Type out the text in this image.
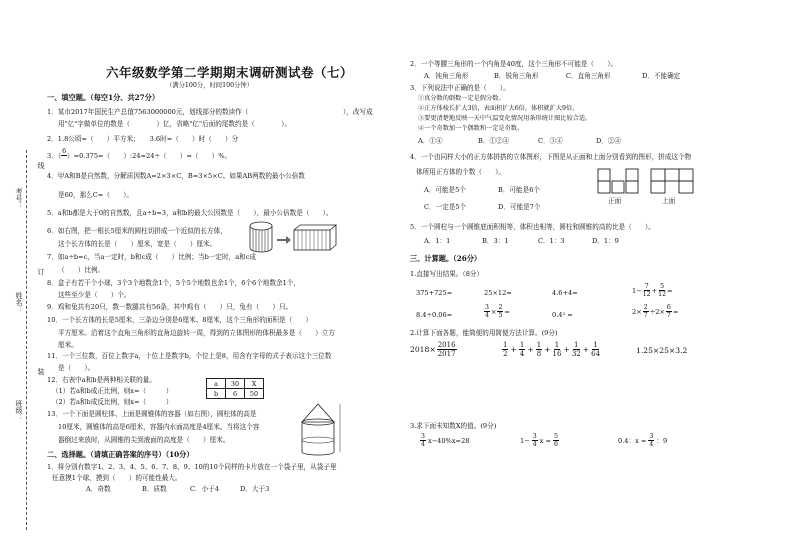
考号：
姓名：
班级：
线
订
装
六年级数学第二学期期末调研测试卷（七）
（满分100分，时间100分钟）
一、填空题。（每空1分、共27分）
1．某市2017年国民生产总值7563000000元，划线部分的数读作（	），改写成
用"亿"字做单位的数是（　　　　）亿，省略"亿"后面的尾数约是（　　　　）。
2．1.8公顷=（　　）平方米；　　3.6时=（　　）时（　　）分
3．（ 6 ）=0.375=（　　）:24=24÷（　　）=（　　）%。
4．甲A和B是自然数，分解质因数A=2×3×C，B=3×5×C。如果AB两数的最小公倍数
是60，那么C=（　　）。
5．a和b都是大于0的自然数，且a÷b=3，a和b的最大公因数是（　　），最小公倍数是（　　）。
6．如右图，把一根长5厘米的圆柱切拼成一个近似的长方体，
这个长方体的长是（　　）厘米，宽是（　　）厘米。
7．如a÷b=c，当a一定时，b和c成（　　）比例；当b一定时，a和c成
（　　）比例。
8．盒子有若干个小球，3个3个地数余1个，5个5个地数也余1个，6个6个地数余1个，
这些至少是（　　）个。
9．鸡和兔共有20只，数一数腿共有56条，其中鸡有（　　）只，兔有（　　）只。
10．一个长方体的长是5厘米，三条边分别是6厘米、8厘米，这个三角形的面积是（　　）
平方厘米。沿着这个直角三角形的直角边旋转一周，得到的立体图形的体积最多是（　　）立方
厘米。
11．一个三位数，百位上数字a，十位上是数字b，个位上是8，用含有字母的式子表示这个三位数
是（　　）。
12．右表中a和b是两种相关联的量。
（1）若a和b成正比例，则x=（　　　）
（2）若a和b成反比例，则x=（　　　）
a	30	X
b	6	50
13．一个下面是圆柱体、上面是圆锥体的容器（如右图），圆柱体的高是
10厘米，圆锥体的高是6厘米，容器内水面高度是4厘米。当将这个容
器倒过来放时，从圆锥的尖到液面的高度是（　　）厘米。
二、选择题。（请填正确答案的序号）（10分）
1．将分别有数字1、2、3、4、5、6、7、8、9、10的10个同样的卡片放在一个袋子里，从袋子里
任意摸1个球，摸到（　　）的可能性最大。
A．奇数	B．质数	C．小于4	D．大于3
2．一个等腰三角形的一个内角是40度，这个三角形不可能是（　　）。
A．钝角三角形	B．锐角三角形	C．直角三角形	D．不能确定
3．下列说法中正确的是（　　）。
①真分数的倒数一定是假分数。
②正方体棱长扩大3倍，表面积扩大6倍，体积就扩大9倍。
③要更清楚地反映一天中气温变化情况用条形统计图比较合适。
④一个奇数加一个偶数和一定是奇数。
A．①④	B．①②④	C．③④	D．②④
4．一个由同样大小的正方体拼搭的立体图形，下图是从正面和上面分别看到的图形，拼成这个物
体所用正方体的个数（　　）。
A．可能是5个	B．可能是6个
C．一定是5个	D．可能是7个
正面	上面
5．一个圆柱与一个圆锥底面积相等，体积也相等，圆柱和圆锥的高的比是（　　）。
A．1：1	B．3：1	C．1：3	D．1：9
三、计算题。（26分）
1.直接写出结果。（8分）
375+725=	25×12=	4.6+4=	$1- \frac{7}{12} + \frac{5}{12}$ =
8.4÷0.06=	$\frac{3}{4} \times \frac{2}{5}$ =	0.4² =	$2\times \frac{2}{7} \div 2\times \frac{6}{7}$ =
2.计算下面各题，能简便的用简便方法计算。(9分)
$2018\times \frac{2016}{2017}$	$\frac{1}{2} + \frac{1}{4} + \frac{1}{8} + \frac{1}{16} + \frac{1}{32} + \frac{1}{64}$	1.25×25×3.2
3.求下面未知数X的值。(9分)
$\frac{3}{4} x-40\%x=28$	$1- \frac{3}{4}$ $x = \frac{5}{6}$	0.4：$x = \frac{3}{4}$ ：9
